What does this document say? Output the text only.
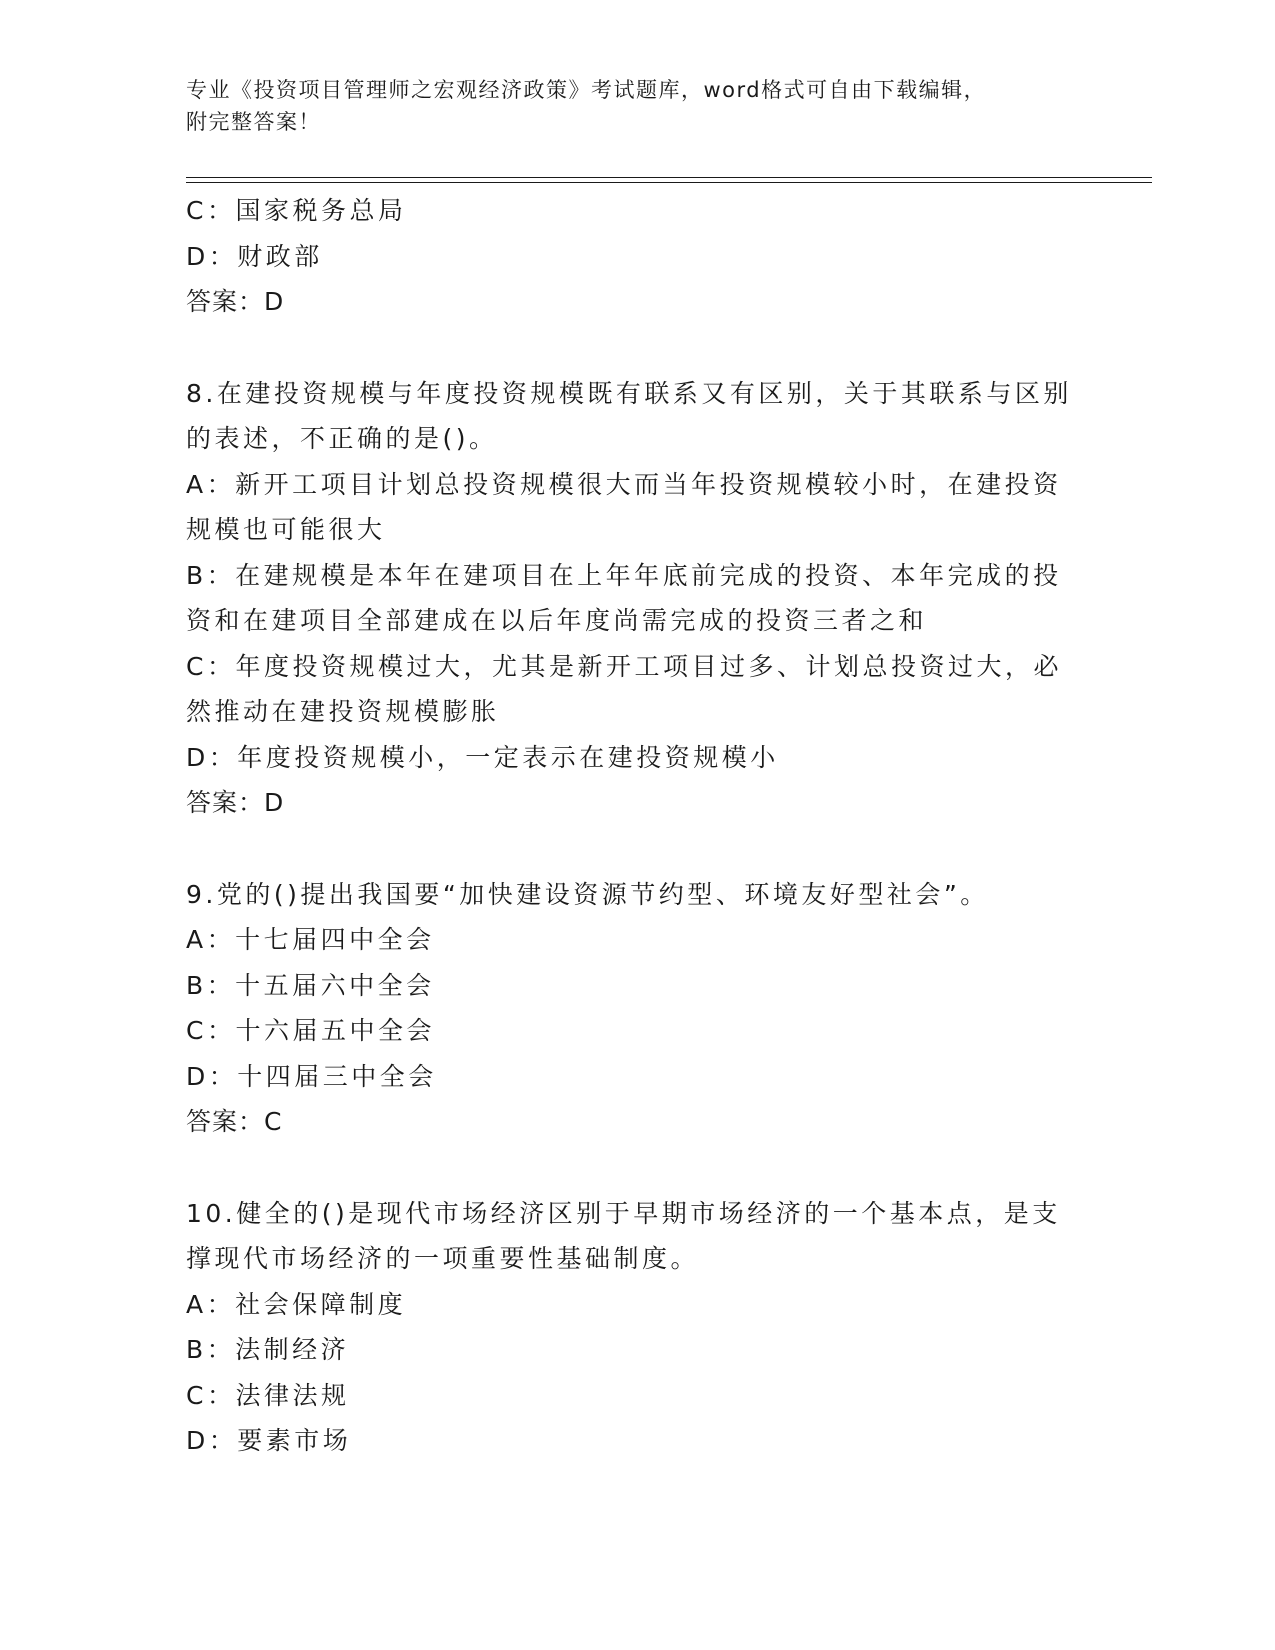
专业《投资项目管理师之宏观经济政策》考试题库，word格式可自由下载编辑，
附完整答案！
C：国家税务总局
D：财政部
答案：D
8.在建投资规模与年度投资规模既有联系又有区别，关于其联系与区别的表述，不正确的是()。
A：新开工项目计划总投资规模很大而当年投资规模较小时，在建投资规模也可能很大
B：在建规模是本年在建项目在上年年底前完成的投资、本年完成的投资和在建项目全部建成在以后年度尚需完成的投资三者之和
C：年度投资规模过大，尤其是新开工项目过多、计划总投资过大，必然推动在建投资规模膨胀
D：年度投资规模小，一定表示在建投资规模小
答案：D
9.党的()提出我国要“加快建设资源节约型、环境友好型社会”。
A：十七届四中全会
B：十五届六中全会
C：十六届五中全会
D：十四届三中全会
答案：C
10.健全的()是现代市场经济区别于早期市场经济的一个基本点，是支撑现代市场经济的一项重要性基础制度。
A：社会保障制度
B：法制经济
C：法律法规
D：要素市场
